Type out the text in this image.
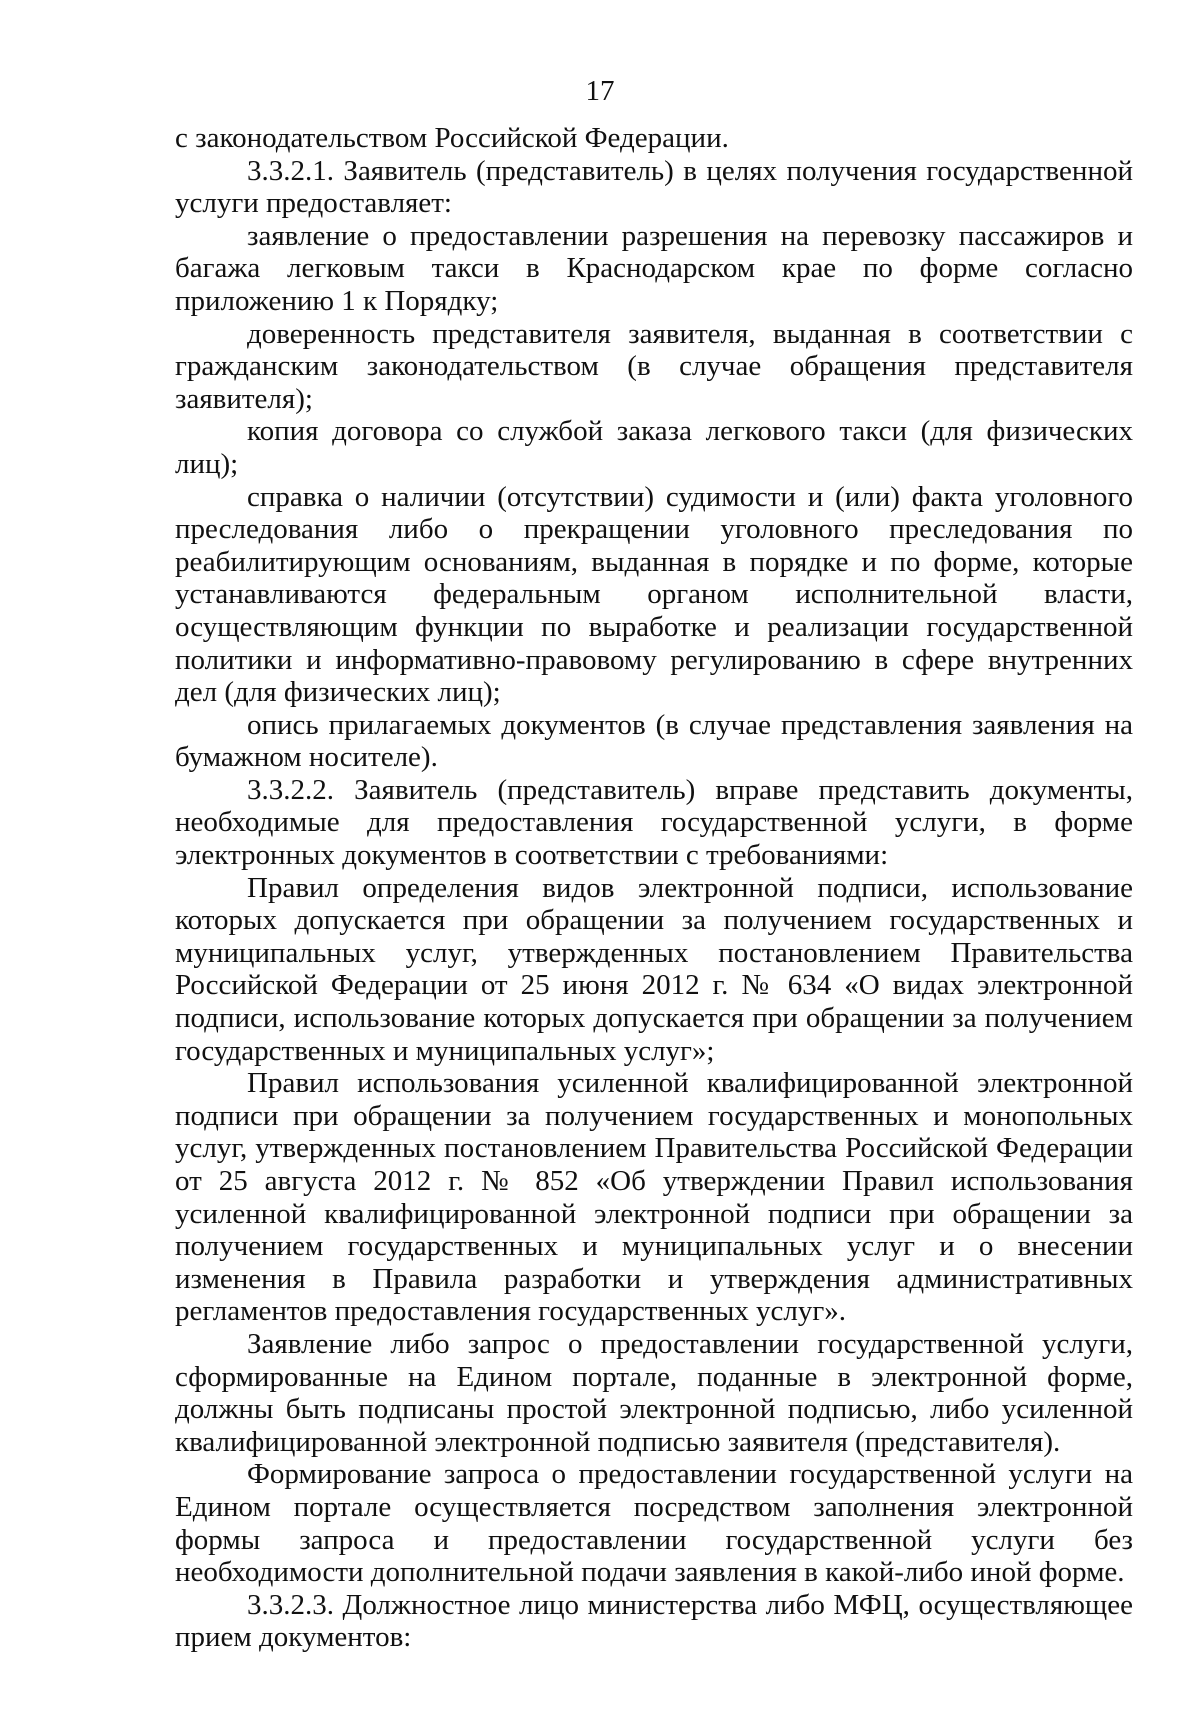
17

с законодательством Российской Федерации.

3.3.2.1. Заявитель (представитель) в целях получения государственной услуги предоставляет:

заявление о предоставлении разрешения на перевозку пассажиров и багажа легковым такси в Краснодарском крае по форме согласно приложению 1 к Порядку;

доверенность представителя заявителя, выданная в соответствии с гражданским законодательством (в случае обращения представителя заявителя);

копия договора со службой заказа легкового такси (для физических лиц);

справка о наличии (отсутствии) судимости и (или) факта уголовного преследования либо о прекращении уголовного преследования по реабилитирующим основаниям, выданная в порядке и по форме, которые устанавливаются федеральным органом исполнительной власти, осуществляющим функции по выработке и реализации государственной политики и информативно-правовому регулированию в сфере внутренних дел (для физических лиц);

опись прилагаемых документов (в случае представления заявления на бумажном носителе).

3.3.2.2. Заявитель (представитель) вправе представить документы, необходимые для предоставления государственной услуги, в форме электронных документов в соответствии с требованиями:

Правил определения видов электронной подписи, использование которых допускается при обращении за получением государственных и муниципальных услуг, утвержденных постановлением Правительства Российской Федерации от 25 июня 2012 г. № 634 «О видах электронной подписи, использование которых допускается при обращении за получением государственных и муниципальных услуг»;

Правил использования усиленной квалифицированной электронной подписи при обращении за получением государственных и монопольных услуг, утвержденных постановлением Правительства Российской Федерации от 25 августа 2012 г. № 852 «Об утверждении Правил использования усиленной квалифицированной электронной подписи при обращении за получением государственных и муниципальных услуг и о внесении изменения в Правила разработки и утверждения административных регламентов предоставления государственных услуг».

Заявление либо запрос о предоставлении государственной услуги, сформированные на Едином портале, поданные в электронной форме, должны быть подписаны простой электронной подписью, либо усиленной квалифицированной электронной подписью заявителя (представителя).

Формирование запроса о предоставлении государственной услуги на Едином портале осуществляется посредством заполнения электронной формы запроса и предоставлении государственной услуги без необходимости дополнительной подачи заявления в какой-либо иной форме.

3.3.2.3. Должностное лицо министерства либо МФЦ, осуществляющее прием документов:
